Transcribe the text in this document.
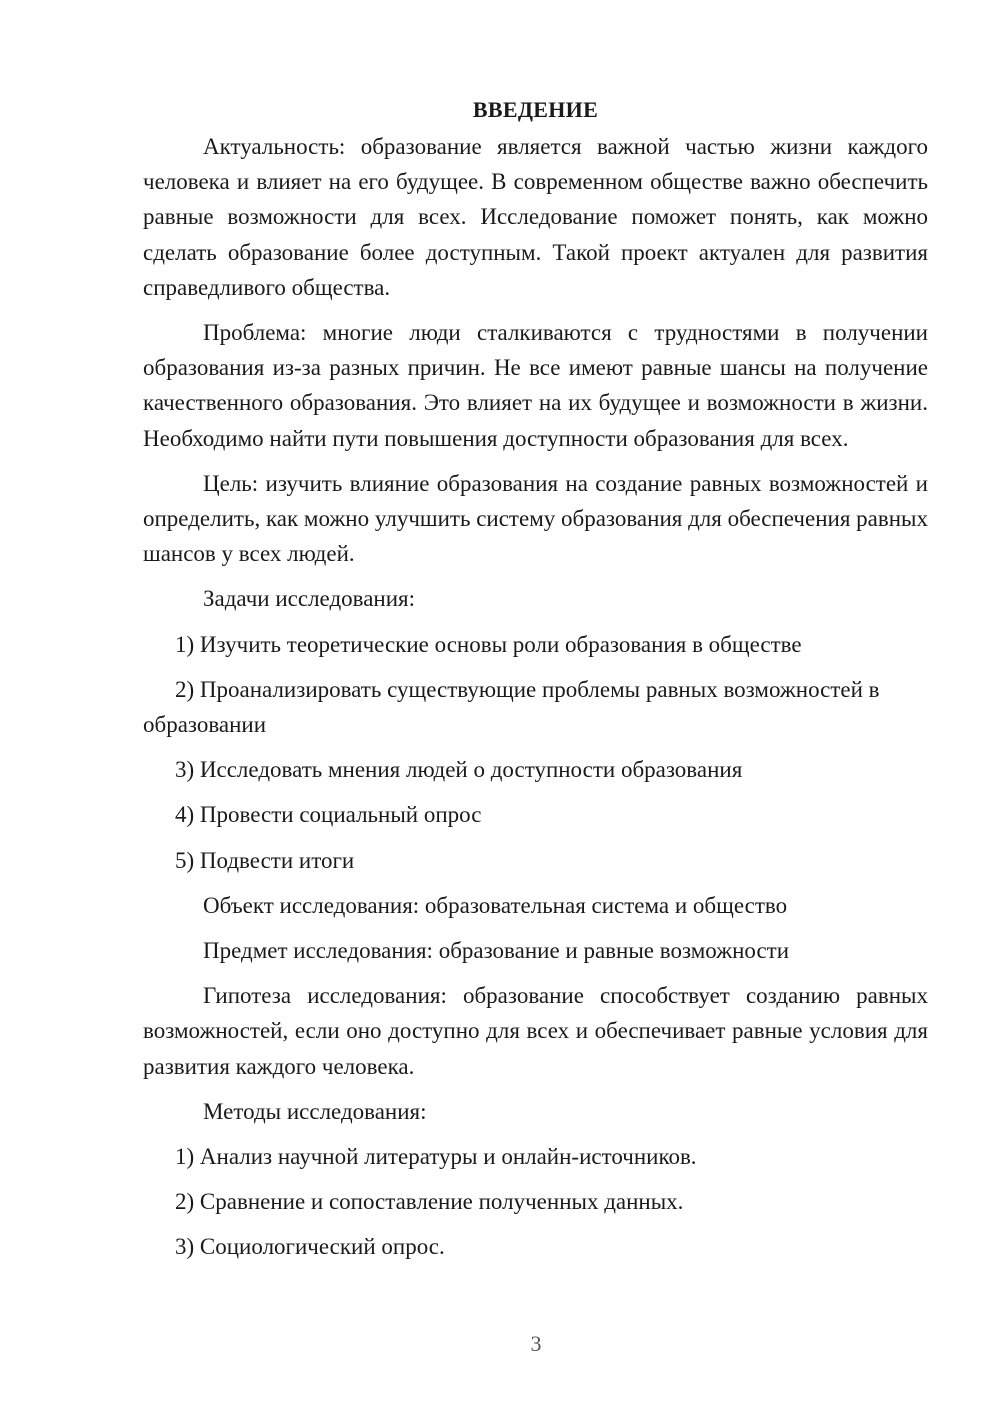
ВВЕДЕНИЕ

Актуальность: образование является важной частью жизни каждого человека и влияет на его будущее. В современном обществе важно обеспечить равные возможности для всех. Исследование поможет понять, как можно сделать образование более доступным. Такой проект актуален для развития справедливого общества.

Проблема: многие люди сталкиваются с трудностями в получении образования из-за разных причин. Не все имеют равные шансы на получение качественного образования. Это влияет на их будущее и возможности в жизни. Необходимо найти пути повышения доступности образования для всех.

Цель: изучить влияние образования на создание равных возможностей и определить, как можно улучшить систему образования для обеспечения равных шансов у всех людей.

Задачи исследования:

1) Изучить теоретические основы роли образования в обществе

2) Проанализировать существующие проблемы равных возможностей в образовании

3) Исследовать мнения людей о доступности образования

4) Провести социальный опрос

5) Подвести итоги

Объект исследования: образовательная система и общество

Предмет исследования: образование и равные возможности

Гипотеза исследования: образование способствует созданию равных возможностей, если оно доступно для всех и обеспечивает равные условия для развития каждого человека.

Методы исследования:

1) Анализ научной литературы и онлайн-источников.

2) Сравнение и сопоставление полученных данных.

3) Социологический опрос.

3
